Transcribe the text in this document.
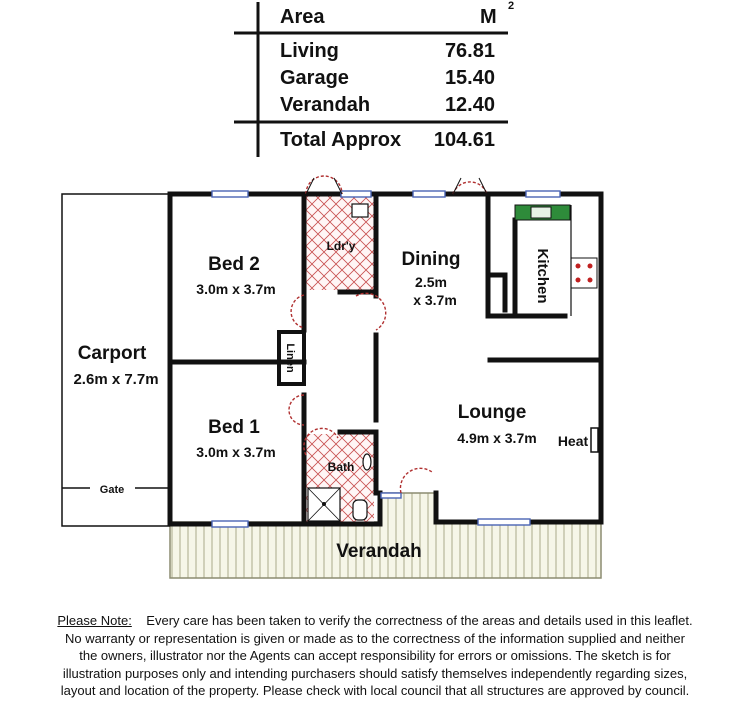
Area	M 2
Living	76.81
Garage	15.40
Verandah	12.40
Total Approx 104.61
Bed 2
3.0m x 3.7m
Bed 1
3.0m x 3.7m
Carport
2.6m x 7.7m
Dining
2.5m
x 3.7m
Lounge
4.9m x 3.7m
Kitchen
Ldr'y
Bath
Linen
Verandah
Gate
Heat
Please Note: Every care has been taken to verify the correctness of the areas and details used in this leaflet.
No warranty or representation is given or made as to the correctness of the information supplied and neither
the owners, illustrator nor the Agents can accept responsibility for errors or omissions. The sketch is for
illustration purposes only and intending purchasers should satisfy themselves independently regarding sizes,
layout and location of the property. Please check with local council that all structures are approved by council.
